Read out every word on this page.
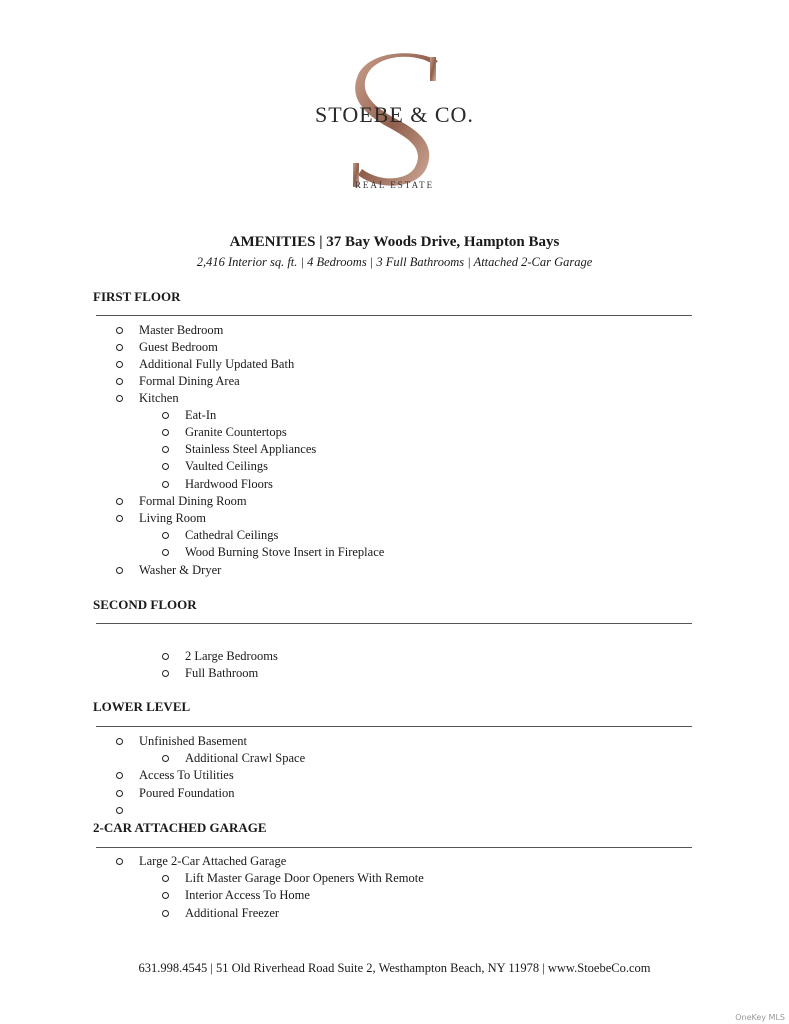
STOEBE & CO.
REAL ESTATE
AMENITIES | 37 Bay Woods Drive, Hampton Bays
2,416 Interior sq. ft. | 4 Bedrooms | 3 Full Bathrooms | Attached 2-Car Garage
FIRST FLOOR
Master Bedroom
Guest Bedroom
Additional Fully Updated Bath
Formal Dining Area
Kitchen
Eat-In
Granite Countertops
Stainless Steel Appliances
Vaulted Ceilings
Hardwood Floors
Formal Dining Room
Living Room
Cathedral Ceilings
Wood Burning Stove Insert in Fireplace
Washer & Dryer
SECOND FLOOR
2 Large Bedrooms
Full Bathroom
LOWER LEVEL
Unfinished Basement
Additional Crawl Space
Access To Utilities
Poured Foundation
2-CAR ATTACHED GARAGE
Large 2-Car Attached Garage
Lift Master Garage Door Openers With Remote
Interior Access To Home
Additional Freezer
631.998.4545 | 51 Old Riverhead Road Suite 2, Westhampton Beach, NY 11978 | www.StoebeCo.com
OneKey MLS
